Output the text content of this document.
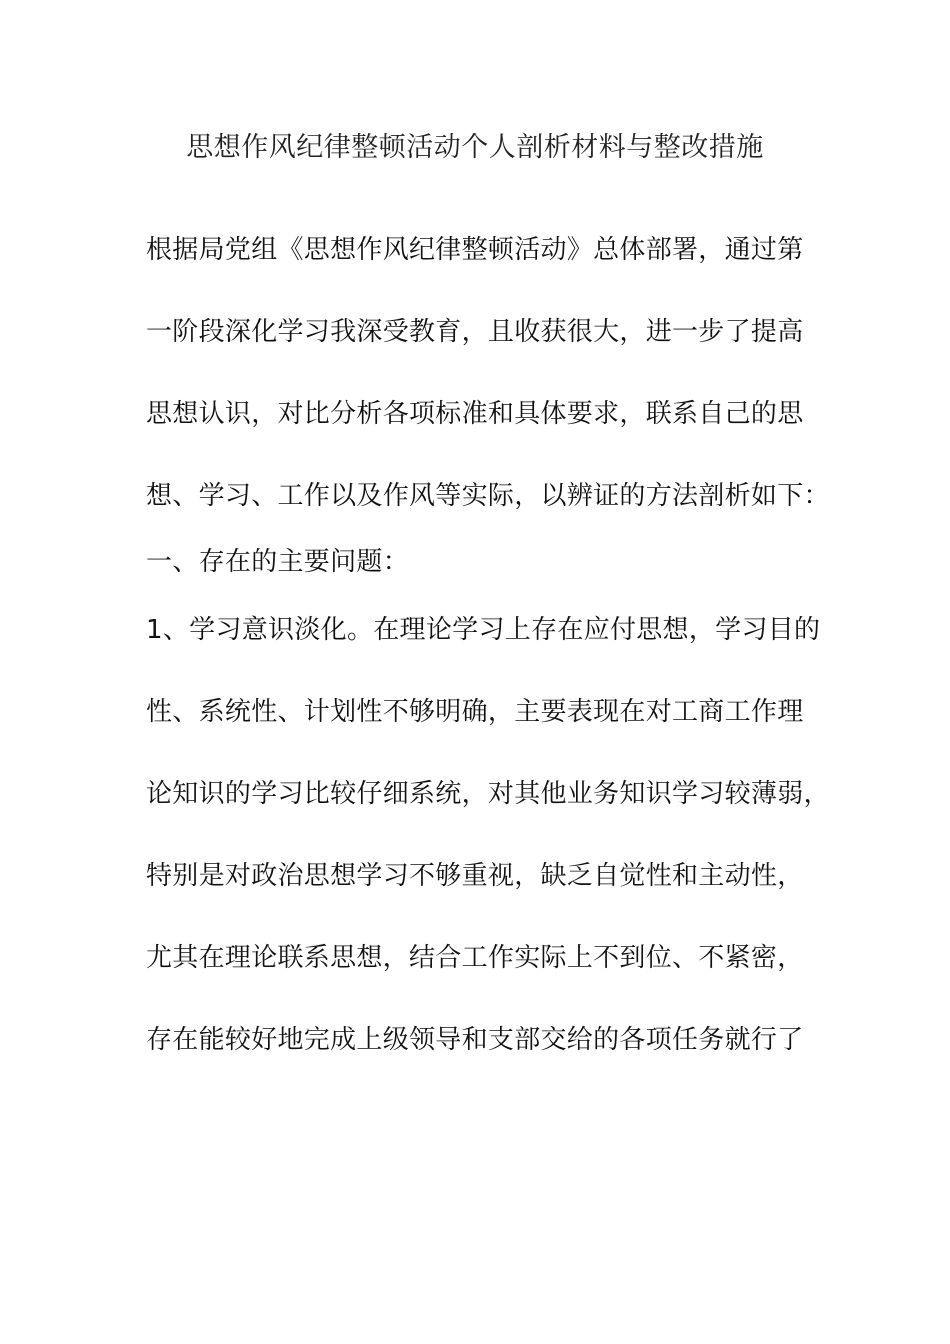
思想作风纪律整顿活动个人剖析材料与整改措施
根据局党组《思想作风纪律整顿活动》总体部署，通过第
一阶段深化学习我深受教育，且收获很大，进一步了提高
思想认识，对比分析各项标准和具体要求，联系自己的思
想、学习、工作以及作风等实际，以辨证的方法剖析如下：
一、存在的主要问题：
1、学习意识淡化。在理论学习上存在应付思想，学习目的
性、系统性、计划性不够明确，主要表现在对工商工作理
论知识的学习比较仔细系统，对其他业务知识学习较薄弱，
特别是对政治思想学习不够重视，缺乏自觉性和主动性，
尤其在理论联系思想，结合工作实际上不到位、不紧密，
存在能较好地完成上级领导和支部交给的各项任务就行了
